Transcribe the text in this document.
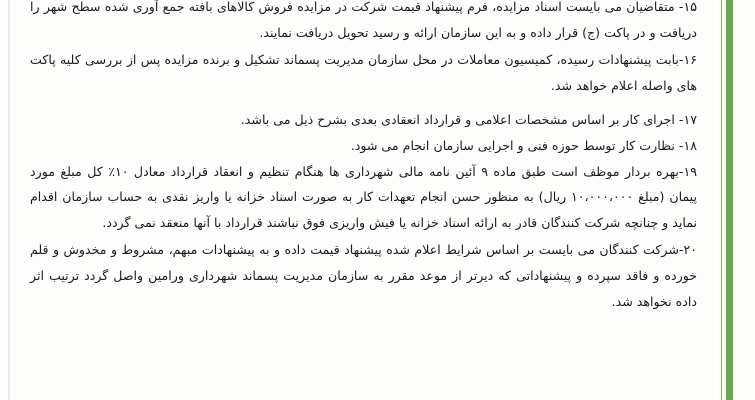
۱۵- متقاضیان می بایست اسناد مزایده، فرم پیشنهاد قیمت شرکت در مزایده فروش کالاهای بافته جمع آوری شده سطح شهر را دریافت و در پاکت (ج) قرار داده و به این سازمان ارائه و رسید تحویل دریافت نمایند.

۱۶-بابت پیشنهادات رسیده، کمیسیون معاملات در محل سازمان مدیریت پسماند تشکیل و برنده مزایده پس از بررسی کلیه پاکت های واصله اعلام خواهد شد.

۱۷- اجرای کار بر اساس مشخصات اعلامی و قرارداد انعقادی بعدی بشرح ذیل می باشد.

۱۸- نظارت کار توسط حوزه فنی و اجرایی سازمان انجام می شود.

۱۹-بهره بردار موظف است طبق ماده ۹ آئین نامه مالی شهرداری ها هنگام تنظیم و انعقاد قرارداد معادل ۱۰٪ کل مبلغ مورد پیمان (مبلغ ۱۰،۰۰۰،۰۰۰ ریال) به منظور حسن انجام تعهدات کار به صورت اسناد خزانه یا واریز نقدی به حساب سازمان اقدام نماید و چنانچه شرکت کنندگان قادر به ارائه اسناد خزانه یا فیش واریزی فوق نباشند قرارداد با آنها منعقد نمی گردد.

۲۰-شرکت کنندگان می بایست بر اساس شرایط اعلام شده پیشنهاد قیمت داده و به پیشنهادات مبهم، مشروط و مخدوش و قلم خورده و فاقد سپرده و پیشنهاداتی که دیرتر از موعد مقرر به سازمان مدیریت پسماند شهرداری ورامین واصل گردد ترتیب اثر داده نخواهد شد.
